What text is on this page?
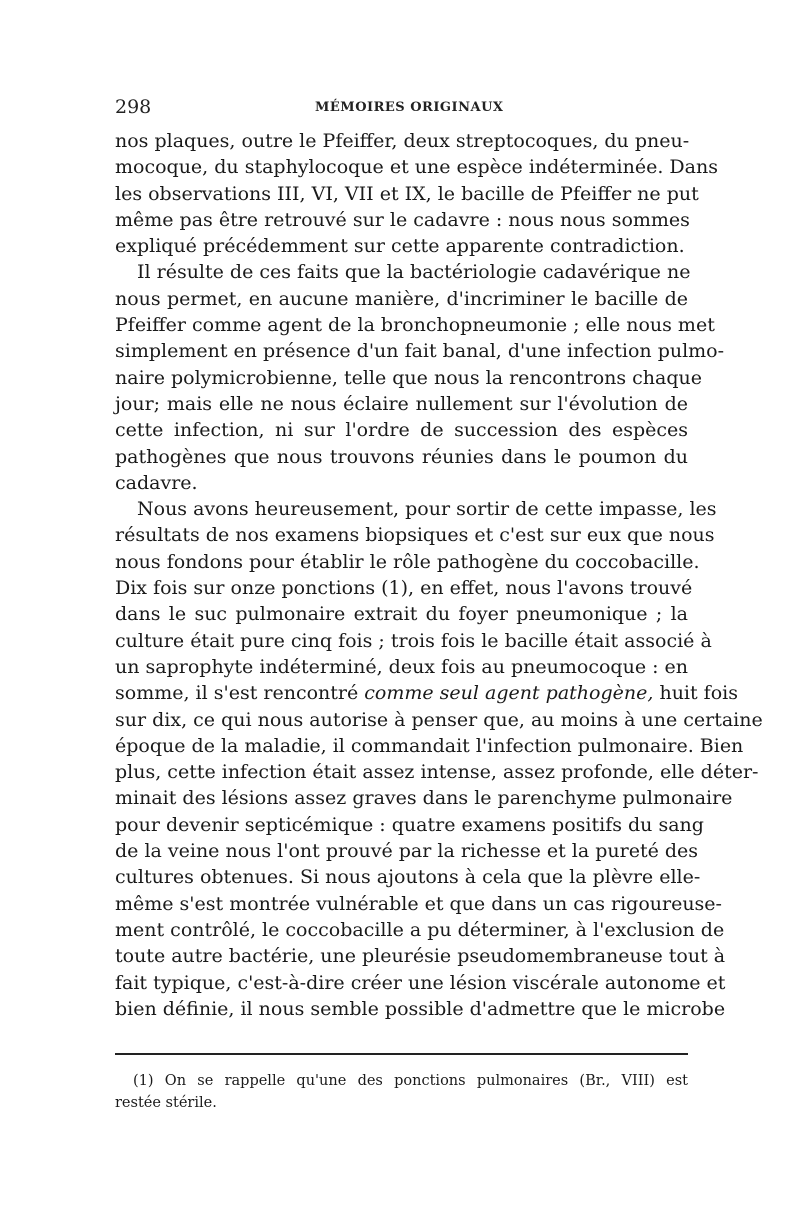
298	MÉMOIRES ORIGINAUX
nos plaques, outre le Pfeiffer, deux streptocoques, du pneu-
mocoque, du staphylocoque et une espèce indéterminée. Dans
les observations III, VI, VII et IX, le bacille de Pfeiffer ne put
même pas être retrouvé sur le cadavre : nous nous sommes
expliqué précédemment sur cette apparente contradiction.
Il résulte de ces faits que la bactériologie cadavérique ne
nous permet, en aucune manière, d'incriminer le bacille de
Pfeiffer comme agent de la bronchopneumonie ; elle nous met
simplement en présence d'un fait banal, d'une infection pulmo-
naire polymicrobienne, telle que nous la rencontrons chaque
jour; mais elle ne nous éclaire nullement sur l'évolution de
cette infection, ni sur l'ordre de succession des espèces
pathogènes que nous trouvons réunies dans le poumon du
cadavre.
Nous avons heureusement, pour sortir de cette impasse, les
résultats de nos examens biopsiques et c'est sur eux que nous
nous fondons pour établir le rôle pathogène du coccobacille.
Dix fois sur onze ponctions (1), en effet, nous l'avons trouvé
dans le suc pulmonaire extrait du foyer pneumonique ; la
culture était pure cinq fois ; trois fois le bacille était associé à
un saprophyte indéterminé, deux fois au pneumocoque : en
somme, il s'est rencontré comme seul agent pathogène, huit fois
sur dix, ce qui nous autorise à penser que, au moins à une certaine
époque de la maladie, il commandait l'infection pulmonaire. Bien
plus, cette infection était assez intense, assez profonde, elle déter-
minait des lésions assez graves dans le parenchyme pulmonaire
pour devenir septicémique : quatre examens positifs du sang
de la veine nous l'ont prouvé par la richesse et la pureté des
cultures obtenues. Si nous ajoutons à cela que la plèvre elle-
même s'est montrée vulnérable et que dans un cas rigoureuse-
ment contrôlé, le coccobacille a pu déterminer, à l'exclusion de
toute autre bactérie, une pleurésie pseudomembraneuse tout à
fait typique, c'est-à-dire créer une lésion viscérale autonome et
bien définie, il nous semble possible d'admettre que le microbe
(1) On se rappelle qu'une des ponctions pulmonaires (Br., VIII) est
restée stérile.
